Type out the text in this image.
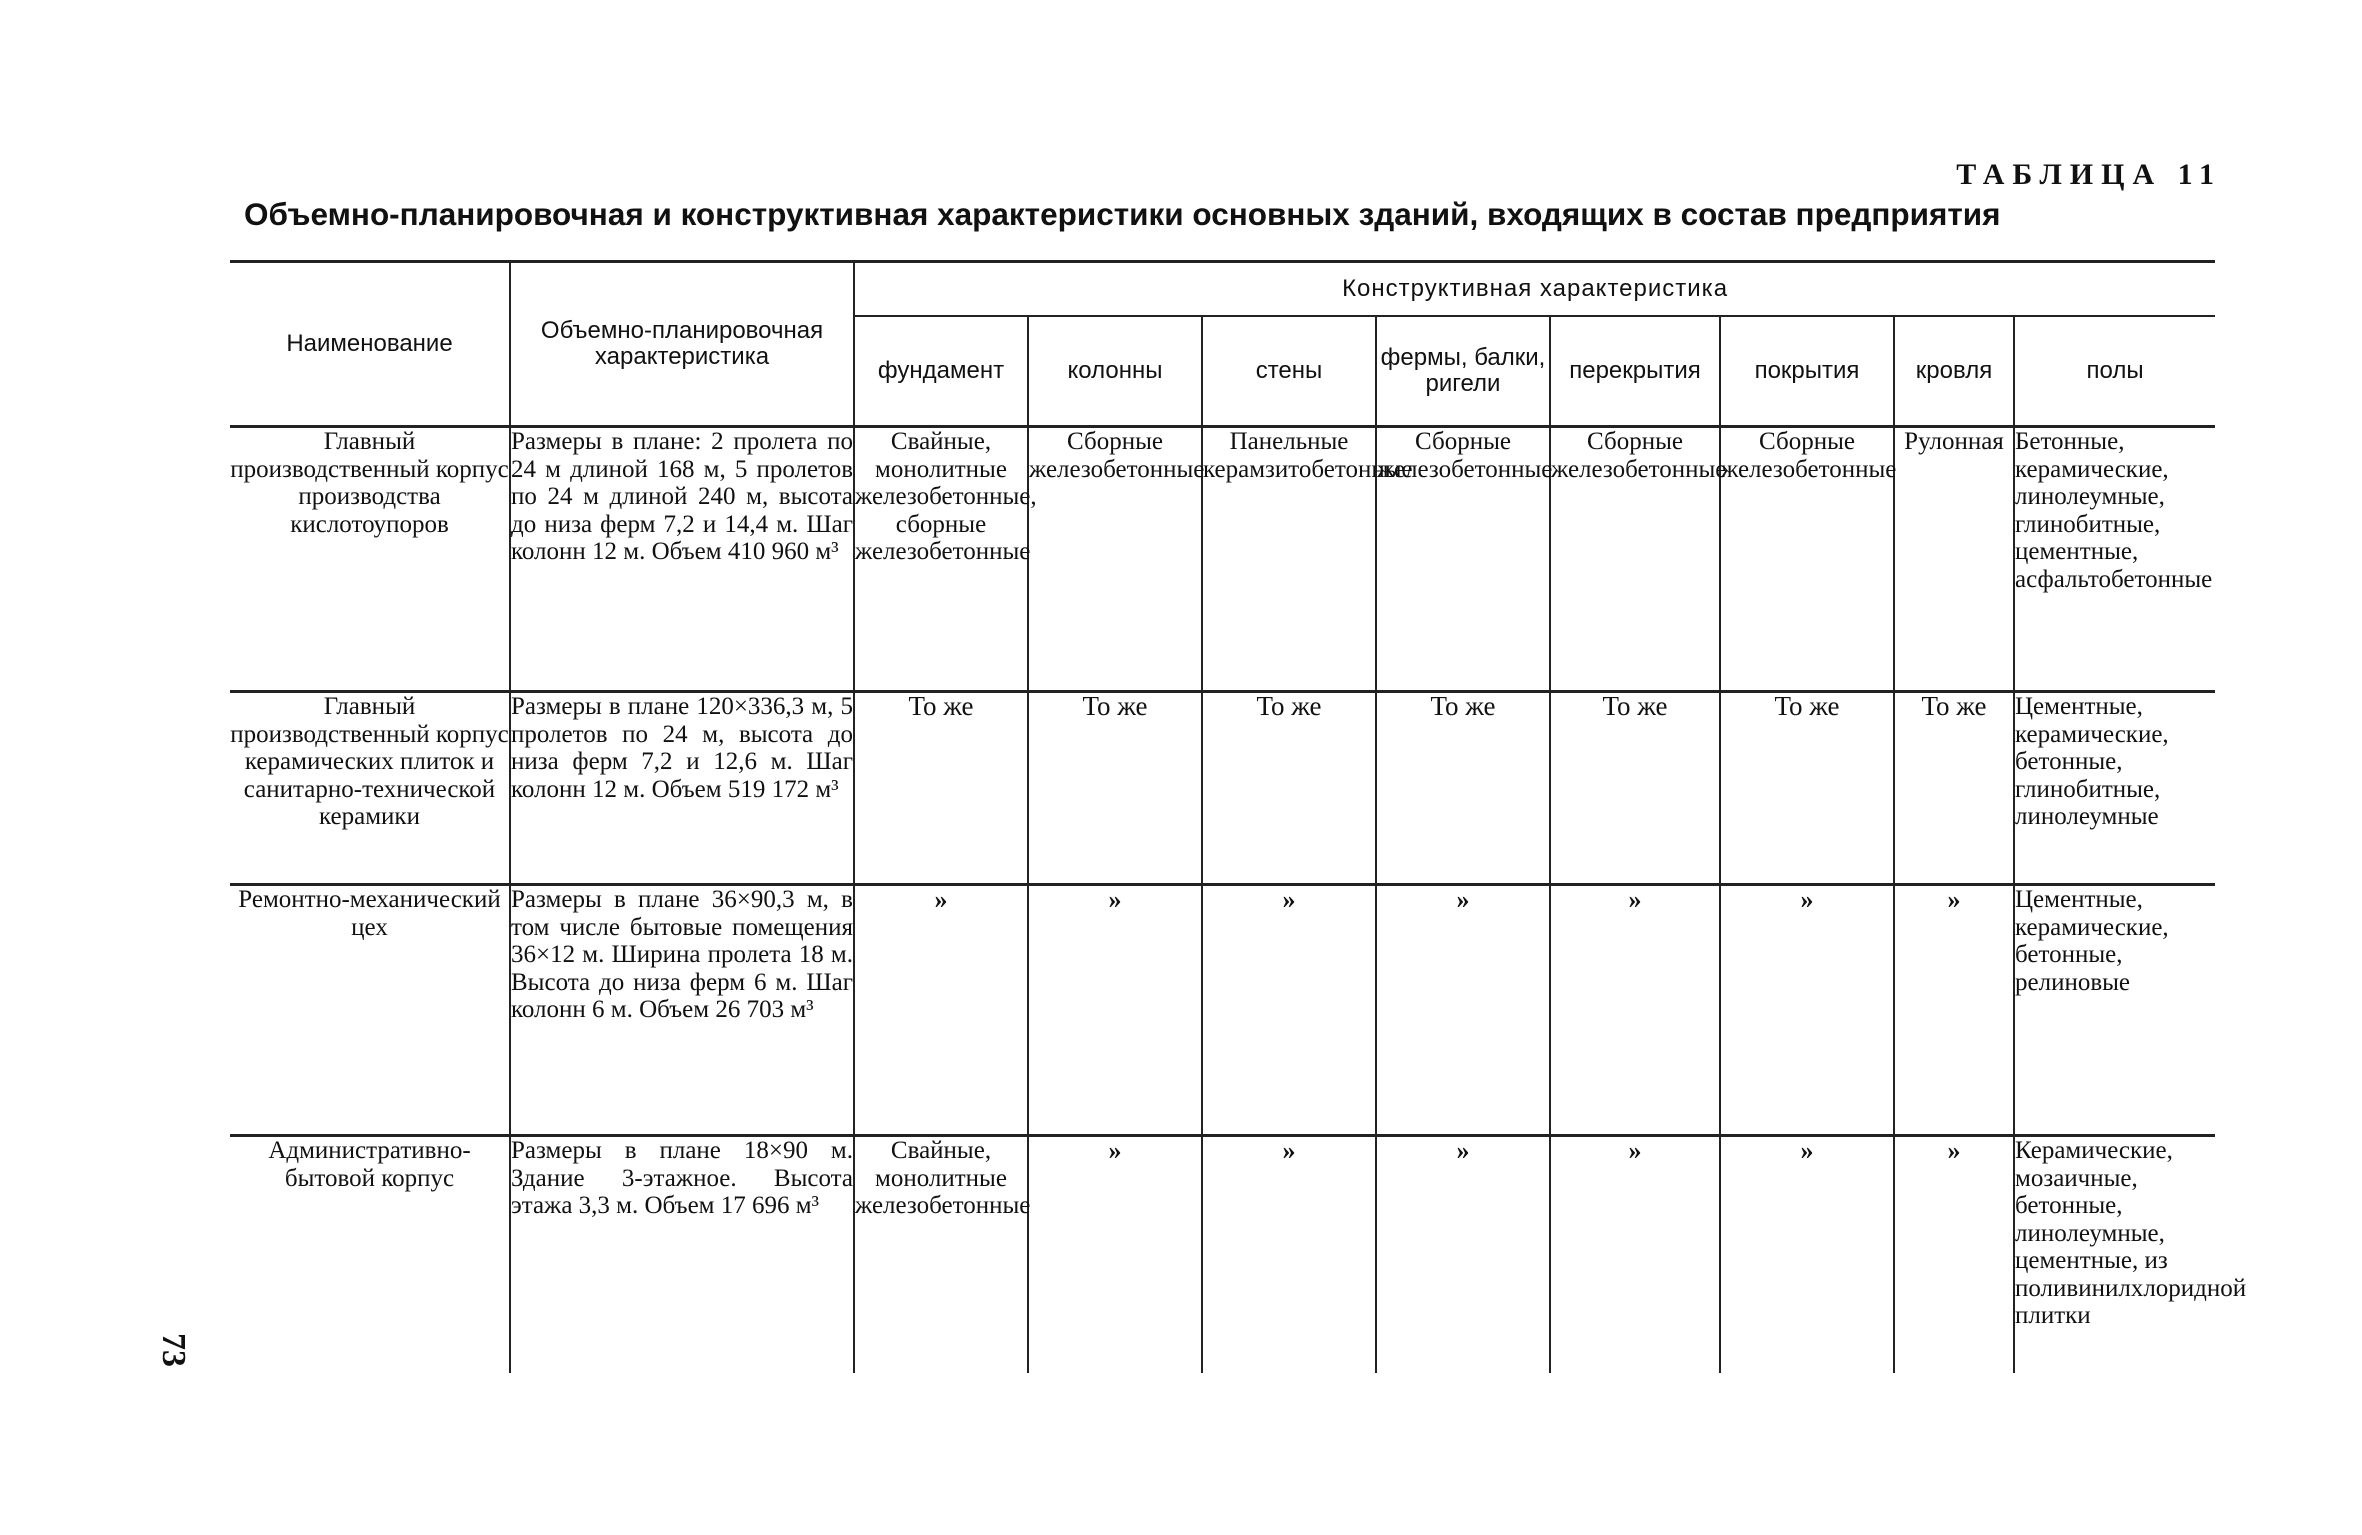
ТАБЛИЦА 11
Объемно-планировочная и конструктивная характеристики основных зданий, входящих в состав предприятия
Наименование	Объемно-планировочная характеристика	Конструктивная характеристика							
		фундамент	колонны	стены	фермы, балки, ригели	перекрытия	покрытия	кровля	полы
Главный производственный корпус производства кислотоупоров	Размеры в плане: 2 пролета по 24 м длиной 168 м, 5 пролетов по 24 м длиной 240 м, высота до низа ферм 7,2 и 14,4 м. Шаг колонн 12 м. Объем 410 960 м³	Свайные, монолитные железобетонные, сборные железобетонные	Сборные железобетонные	Панельные керамзитобетонные	Сборные железобетонные	Сборные железобетонные	Сборные железобетонные	Рулонная	Бетонные, керамические, линолеумные, глинобитные, цементные, асфальтобетонные
Главный производственный корпус керамических плиток и санитарно-технической керамики	Размеры в плане 120×336,3 м, 5 пролетов по 24 м, высота до низа ферм 7,2 и 12,6 м. Шаг колонн 12 м. Объем 519 172 м³	То же	То же	То же	То же	То же	То же	То же	Цементные, керамические, бетонные, глинобитные, линолеумные
Ремонтно-механический цех	Размеры в плане 36×90,3 м, в том числе бытовые помещения 36×12 м. Ширина пролета 18 м. Высота до низа ферм 6 м. Шаг колонн 6 м. Объем 26 703 м³	»	»	»	»	»	»	»	Цементные, керамические, бетонные, релиновые
Административно-бытовой корпус	Размеры в плане 18×90 м. Здание 3-этажное. Высота этажа 3,3 м. Объем 17 696 м³	Свайные, монолитные железобетонные	»	»	»	»	»	»	Керамические, мозаичные, бетонные, линолеумные, цементные, из поливинилхлоридной плитки
73
